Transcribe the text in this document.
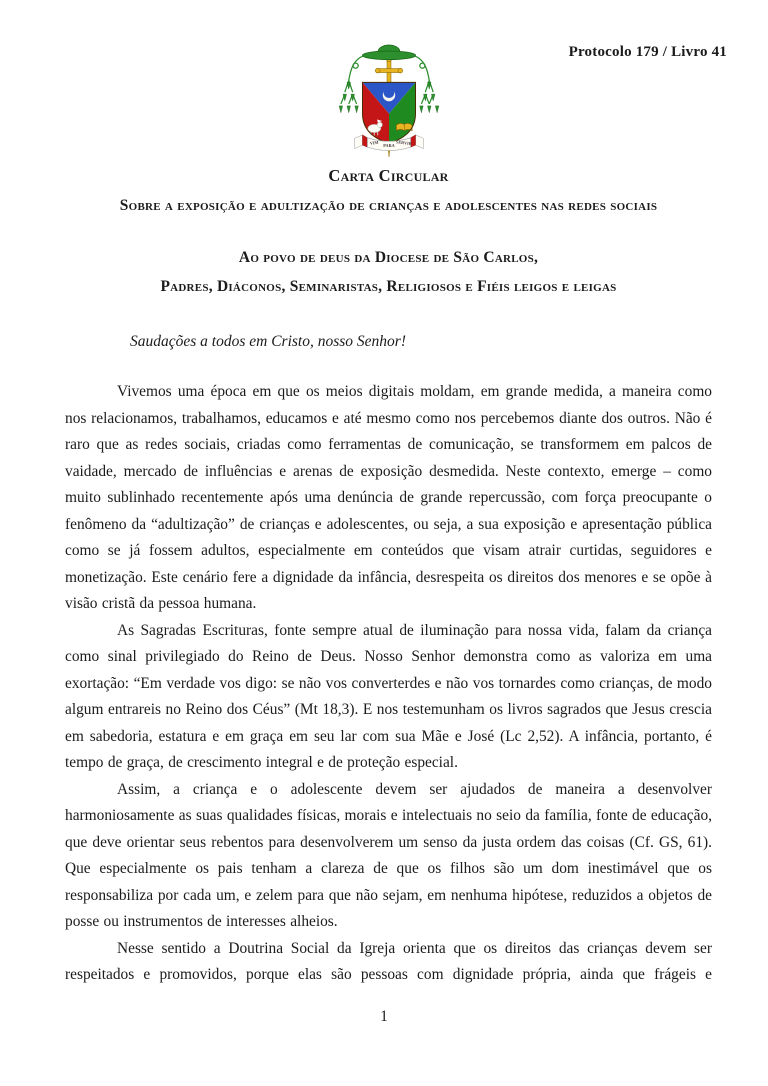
Protocolo 179 / Livro 41
VIM PARA SERVIR
Carta Circular
Sobre a exposição e adultização de crianças e adolescentes nas redes sociais

Ao povo de deus da Diocese de São Carlos,

Padres, Diáconos, Seminaristas, Religiosos e Fiéis leigos e leigas

Saudações a todos em Cristo, nosso Senhor!

Vivemos uma época em que os meios digitais moldam, em grande medida, a maneira como nos relacionamos, trabalhamos, educamos e até mesmo como nos percebemos diante dos outros. Não é raro que as redes sociais, criadas como ferramentas de comunicação, se transformem em palcos de vaidade, mercado de influências e arenas de exposição desmedida. Neste contexto, emerge – como muito sublinhado recentemente após uma denúncia de grande repercussão, com força preocupante o fenômeno da “adultização” de crianças e adolescentes, ou seja, a sua exposição e apresentação pública como se já fossem adultos, especialmente em conteúdos que visam atrair curtidas, seguidores e monetização. Este cenário fere a dignidade da infância, desrespeita os direitos dos menores e se opõe à visão cristã da pessoa humana.

As Sagradas Escrituras, fonte sempre atual de iluminação para nossa vida, falam da criança como sinal privilegiado do Reino de Deus. Nosso Senhor demonstra como as valoriza em uma exortação: “Em verdade vos digo: se não vos converterdes e não vos tornardes como crianças, de modo algum entrareis no Reino dos Céus” (Mt 18,3). E nos testemunham os livros sagrados que Jesus crescia em sabedoria, estatura e em graça em seu lar com sua Mãe e José (Lc 2,52). A infância, portanto, é tempo de graça, de crescimento integral e de proteção especial.

Assim, a criança e o adolescente devem ser ajudados de maneira a desenvolver harmoniosamente as suas qualidades físicas, morais e intelectuais no seio da família, fonte de educação, que deve orientar seus rebentos para desenvolverem um senso da justa ordem das coisas (Cf. GS, 61). Que especialmente os pais tenham a clareza de que os filhos são um dom inestimável que os responsabiliza por cada um, e zelem para que não sejam, em nenhuma hipótese, reduzidos a objetos de posse ou instrumentos de interesses alheios.

Nesse sentido a Doutrina Social da Igreja orienta que os direitos das crianças devem ser respeitados e promovidos, porque elas são pessoas com dignidade própria, ainda que frágeis e

1
